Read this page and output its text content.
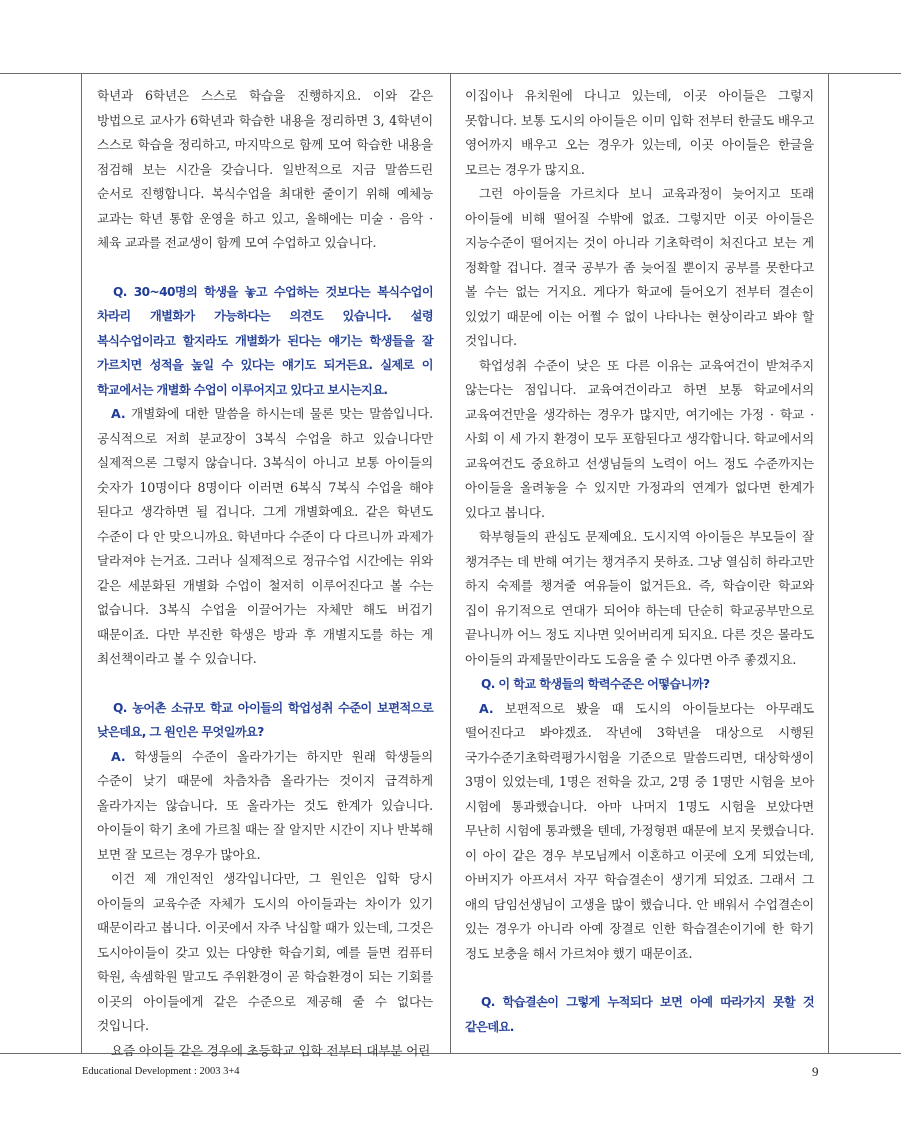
학년과 6학년은 스스로 학습을 진행하지요. 이와 같은 방법으로 교사가 6학년과 학습한 내용을 정리하면 3, 4학년이 스스로 학습을 정리하고, 마지막으로 함께 모여 학습한 내용을 점검해 보는 시간을 갖습니다. 일반적으로 지금 말씀드린 순서로 진행합니다. 복식수업을 최대한 줄이기 위해 예체능 교과는 학년 통합 운영을 하고 있고, 올해에는 미술 · 음악 · 체육 교과를 전교생이 함께 모여 수업하고 있습니다.

Q. 30~40명의 학생을 놓고 수업하는 것보다는 복식수업이 차라리 개별화가 가능하다는 의견도 있습니다. 설령 복식수업이라고 할지라도 개별화가 된다는 얘기는 학생들을 잘 가르치면 성적을 높일 수 있다는 얘기도 되거든요. 실제로 이 학교에서는 개별화 수업이 이루어지고 있다고 보시는지요.

A. 개별화에 대한 말씀을 하시는데 물론 맞는 말씀입니다. 공식적으로 저희 분교장이 3복식 수업을 하고 있습니다만 실제적으론 그렇지 않습니다. 3복식이 아니고 보통 아이들의 숫자가 10명이다 8명이다 이러면 6복식 7복식 수업을 해야 된다고 생각하면 될 겁니다. 그게 개별화예요. 같은 학년도 수준이 다 안 맞으니까요. 학년마다 수준이 다 다르니까 과제가 달라져야 는거죠. 그러나 실제적으로 정규수업 시간에는 위와 같은 세분화된 개별화 수업이 철저히 이루어진다고 볼 수는 없습니다. 3복식 수업을 이끌어가는 자체만 해도 버겁기 때문이죠. 다만 부진한 학생은 방과 후 개별지도를 하는 게 최선책이라고 볼 수 있습니다.

Q. 농어촌 소규모 학교 아이들의 학업성취 수준이 보편적으로 낮은데요, 그 원인은 무엇일까요?

A. 학생들의 수준이 올라가기는 하지만 원래 학생들의 수준이 낮기 때문에 차츰차츰 올라가는 것이지 급격하게 올라가지는 않습니다. 또 올라가는 것도 한계가 있습니다. 아이들이 학기 초에 가르칠 때는 잘 알지만 시간이 지나 반복해 보면 잘 모르는 경우가 많아요.

이건 제 개인적인 생각입니다만, 그 원인은 입학 당시 아이들의 교육수준 자체가 도시의 아이들과는 차이가 있기 때문이라고 봅니다. 이곳에서 자주 낙심할 때가 있는데, 그것은 도시아이들이 갖고 있는 다양한 학습기회, 예를 들면 컴퓨터 학원, 속셈학원 말고도 주위환경이 곧 학습환경이 되는 기회를 이곳의 아이들에게 같은 수준으로 제공해 줄 수 없다는 것입니다.

요즘 아이들 같은 경우에 초등학교 입학 전부터 대부분 어린

이집이나 유치원에 다니고 있는데, 이곳 아이들은 그렇지 못합니다. 보통 도시의 아이들은 이미 입학 전부터 한글도 배우고 영어까지 배우고 오는 경우가 있는데, 이곳 아이들은 한글을 모르는 경우가 많지요.

그런 아이들을 가르치다 보니 교육과정이 늦어지고 또래 아이들에 비해 떨어질 수밖에 없죠. 그렇지만 이곳 아이들은 지능수준이 떨어지는 것이 아니라 기초학력이 처진다고 보는 게 정확할 겁니다. 결국 공부가 좀 늦어질 뿐이지 공부를 못한다고 볼 수는 없는 거지요. 게다가 학교에 들어오기 전부터 결손이 있었기 때문에 이는 어쩔 수 없이 나타나는 현상이라고 봐야 할 것입니다.

학업성취 수준이 낮은 또 다른 이유는 교육여건이 받쳐주지 않는다는 점입니다. 교육여건이라고 하면 보통 학교에서의 교육여건만을 생각하는 경우가 많지만, 여기에는 가정 · 학교 · 사회 이 세 가지 환경이 모두 포함된다고 생각합니다. 학교에서의 교육여건도 중요하고 선생님들의 노력이 어느 정도 수준까지는 아이들을 올려놓을 수 있지만 가정과의 연계가 없다면 한계가 있다고 봅니다.

학부형들의 관심도 문제예요. 도시지역 아이들은 부모들이 잘 챙겨주는 데 반해 여기는 챙겨주지 못하죠. 그냥 열심히 하라고만 하지 숙제를 챙겨줄 여유들이 없거든요. 즉, 학습이란 학교와 집이 유기적으로 연대가 되어야 하는데 단순히 학교공부만으로 끝나니까 어느 정도 지나면 잊어버리게 되지요. 다른 것은 몰라도 아이들의 과제물만이라도 도움을 줄 수 있다면 아주 좋겠지요.

Q. 이 학교 학생들의 학력수준은 어떻습니까?

A. 보편적으로 봤을 때 도시의 아이들보다는 아무래도 떨어진다고 봐야겠죠. 작년에 3학년을 대상으로 시행된 국가수준기초학력평가시험을 기준으로 말씀드리면, 대상학생이 3명이 있었는데, 1명은 전학을 갔고, 2명 중 1명만 시험을 보아 시험에 통과했습니다. 아마 나머지 1명도 시험을 보았다면 무난히 시험에 통과했을 텐데, 가정형편 때문에 보지 못했습니다. 이 아이 같은 경우 부모님께서 이혼하고 이곳에 오게 되었는데, 아버지가 아프셔서 자꾸 학습결손이 생기게 되었죠. 그래서 그 애의 담임선생님이 고생을 많이 했습니다. 안 배워서 수업결손이 있는 경우가 아니라 아예 장결로 인한 학습결손이기에 한 학기 정도 보충을 해서 가르쳐야 했기 때문이죠.

Q. 학습결손이 그렇게 누적되다 보면 아예 따라가지 못할 것 같은데요.

Educational Development : 2003 3+4	9
